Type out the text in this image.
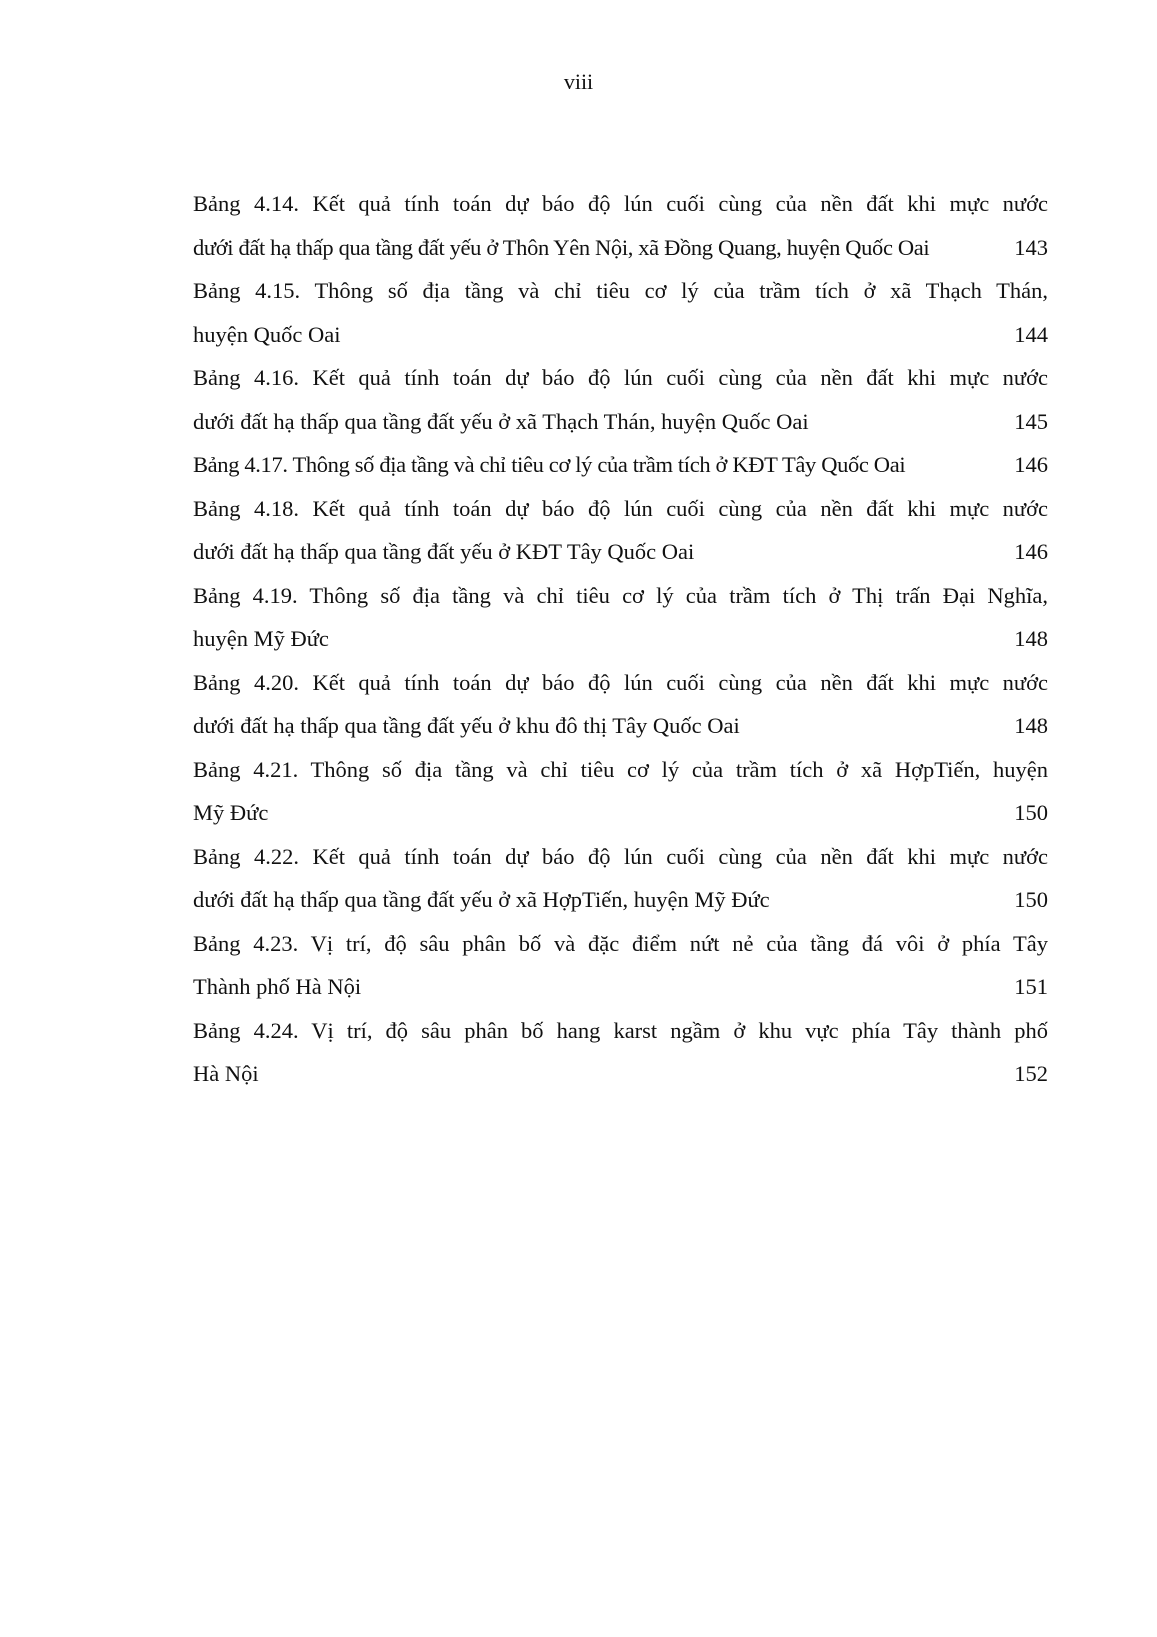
viii
Bảng 4.14. Kết quả tính toán dự báo độ lún cuối cùng của nền đất khi mực nước
dưới đất hạ thấp qua tầng đất yếu ở Thôn Yên Nội, xã Đồng Quang, huyện Quốc Oai	143
Bảng 4.15. Thông số địa tầng và chỉ tiêu cơ lý của trầm tích ở xã Thạch Thán,
huyện Quốc Oai	144
Bảng 4.16. Kết quả tính toán dự báo độ lún cuối cùng của nền đất khi mực nước
dưới đất hạ thấp qua tầng đất yếu ở xã Thạch Thán, huyện Quốc Oai	145
Bảng 4.17. Thông số địa tầng và chỉ tiêu cơ lý của trầm tích ở KĐT Tây Quốc Oai	146
Bảng 4.18. Kết quả tính toán dự báo độ lún cuối cùng của nền đất khi mực nước
dưới đất hạ thấp qua tầng đất yếu ở KĐT Tây Quốc Oai	146
Bảng 4.19. Thông số địa tầng và chỉ tiêu cơ lý của trầm tích ở Thị trấn Đại Nghĩa,
huyện Mỹ Đức	148
Bảng 4.20. Kết quả tính toán dự báo độ lún cuối cùng của nền đất khi mực nước
dưới đất hạ thấp qua tầng đất yếu ở khu đô thị Tây Quốc Oai	148
Bảng 4.21. Thông số địa tầng và chỉ tiêu cơ lý của trầm tích ở xã HợpTiến, huyện
Mỹ Đức	150
Bảng 4.22. Kết quả tính toán dự báo độ lún cuối cùng của nền đất khi mực nước
dưới đất hạ thấp qua tầng đất yếu ở xã HợpTiến, huyện Mỹ Đức	150
Bảng 4.23. Vị trí, độ sâu phân bố và đặc điểm nứt nẻ của tầng đá vôi ở phía Tây
Thành phố Hà Nội	151
Bảng 4.24. Vị trí, độ sâu phân bố hang karst ngầm ở khu vực phía Tây thành phố
Hà Nội	152
